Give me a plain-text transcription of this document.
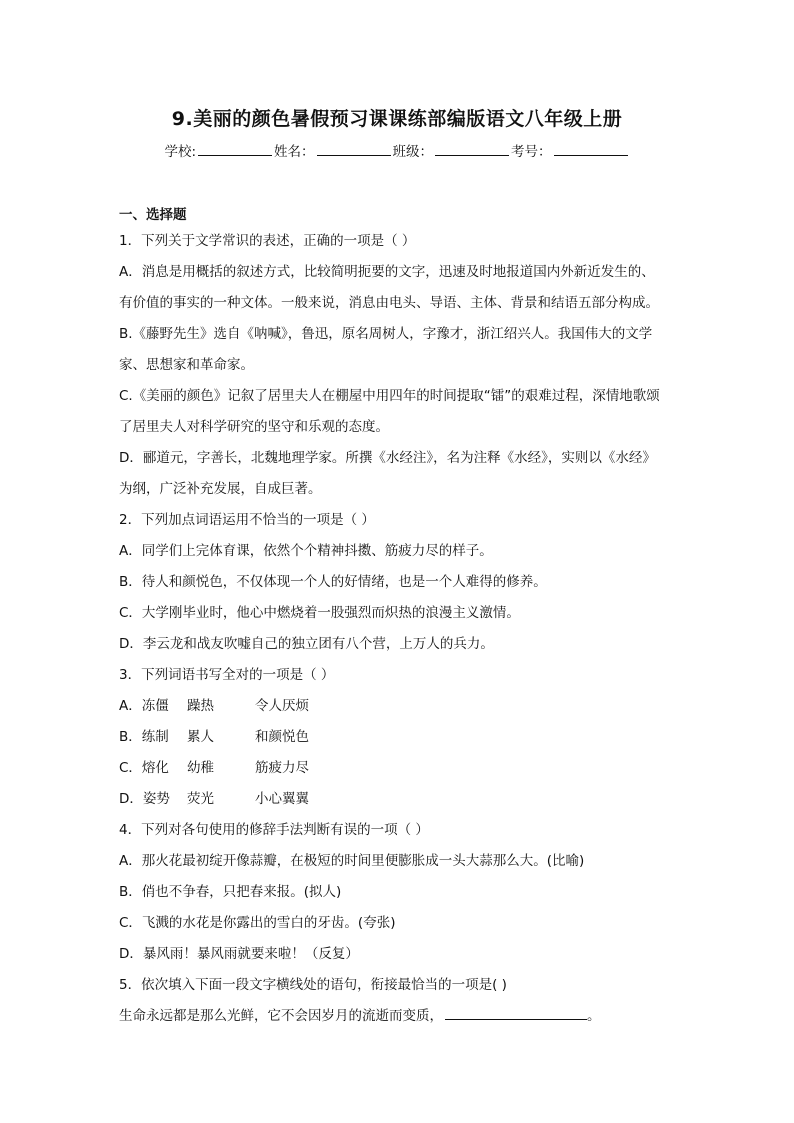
9.美丽的颜色暑假预习课课练部编版语文八年级上册
学校:	姓名：	班级：	考号：
一、选择题
1．下列关于文学常识的表述，正确的一项是（ ）
A．消息是用概括的叙述方式，比较简明扼要的文字，迅速及时地报道国内外新近发生的、
有价值的事实的一种文体。一般来说，消息由电头、导语、主体、背景和结语五部分构成。
B.《藤野先生》选自《呐喊》，鲁迅，原名周树人，字豫才，浙江绍兴人。我国伟大的文学
家、思想家和革命家。
C.《美丽的颜色》记叙了居里夫人在棚屋中用四年的时间提取“镭”的艰难过程，深情地歌颂
了居里夫人对科学研究的坚守和乐观的态度。
D．郦道元，字善长，北魏地理学家。所撰《水经注》，名为注释《水经》，实则以《水经》
为纲，广泛补充发展，自成巨著。
2．下列加点词语运用不恰当的一项是（ ）
A．同学们上完体育课，依然个个精神抖擞、筋疲力尽的样子。
B．待人和颜悦色，不仅体现一个人的好情绪，也是一个人难得的修养。
C．大学刚毕业时，他心中燃烧着一股强烈而炽热的浪漫主义激情。
D．李云龙和战友吹嘘自己的独立团有八个营，上万人的兵力。
3．下列词语书写全对的一项是（ ）
A．冻僵 躁热	令人厌烦
B．练制 累人	和颜悦色
C．熔化 幼稚	筋疲力尽
D．姿势 荧光	小心翼翼
4．下列对各句使用的修辞手法判断有误的一项（ ）
A．那火花最初绽开像蒜瓣，在极短的时间里便膨胀成一头大蒜那么大。(比喻)
B．俏也不争春，只把春来报。(拟人)
C．飞溅的水花是你露出的雪白的牙齿。(夸张)
D．暴风雨！暴风雨就要来啦！（反复）
5．依次填入下面一段文字横线处的语句，衔接最恰当的一项是( )
生命永远都是那么光鲜，它不会因岁月的流逝而变质，	。
